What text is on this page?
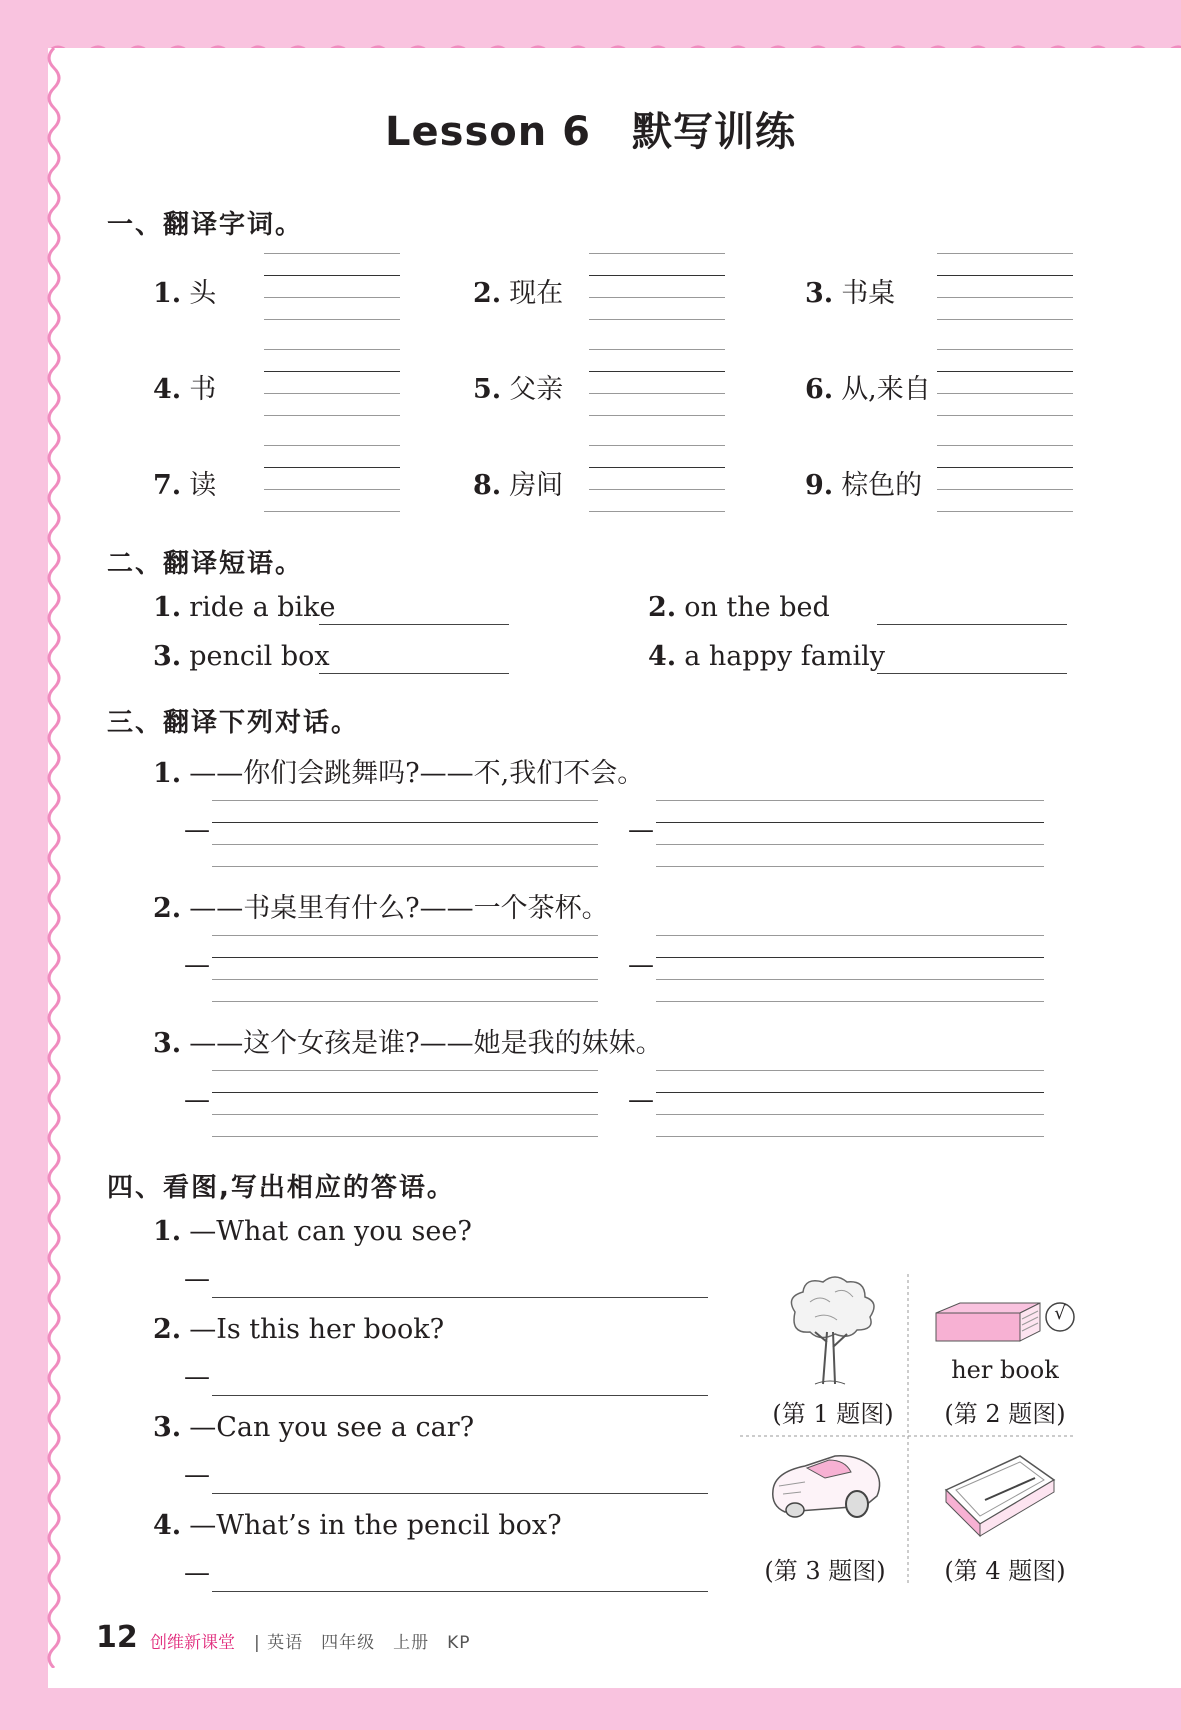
Lesson 6　默写训练
一、翻译字词。
1. 头	2. 现在	3. 书桌
4. 书	5. 父亲	6. 从,来自
7. 读	8. 房间	9. 棕色的
二、翻译短语。
1. ride a bike	2. on the bed
3. pencil box	4. a happy family
三、翻译下列对话。
1. ——你们会跳舞吗?——不,我们不会。
—	—
2. ——书桌里有什么?——一个茶杯。
—	—
3. ——这个女孩是谁?——她是我的妹妹。
—	—
四、看图,写出相应的答语。
1. —What can you see?
—
2. —Is this her book?
—
3. —Can you see a car?
—
4. —What’s in the pencil box?
—
(第 1 题图)
√
her book
(第 2 题图)
(第 3 题图)	(第 4 题图)
12 创维新课堂 | 英语　四年级　上册　KP
